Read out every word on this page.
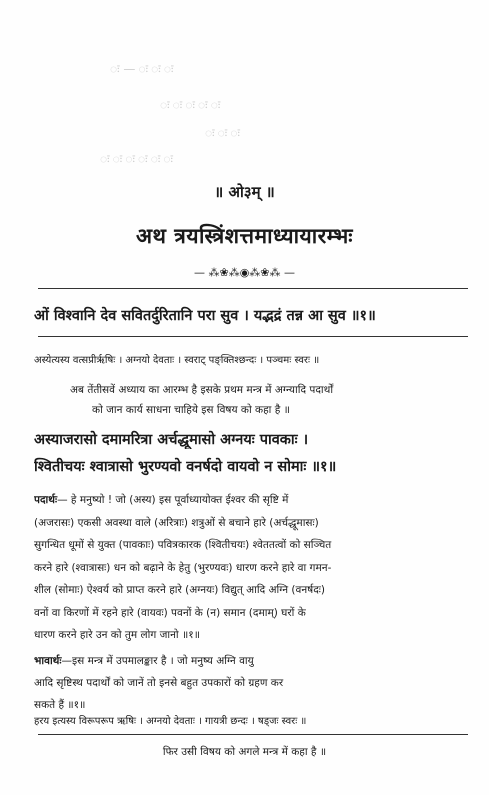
ः — ः ः ः
ः ः ः ः ः
ः ः ः
ः ः ः ः ः ः
॥ ओ३म् ॥
अथ त्रयस्त्रिंशत्तमाध्यायारम्भः
— ⁂❀⁂◉⁂❀⁂ —
ओं विश्वानि देव सवितर्दुरितानि परा सुव । यद्भद्रं तन्न आ सुव ॥१॥
अस्येत्यस्य वत्सप्रीर्ऋषिः । अग्नयो देवताः । स्वराट् पङ्क्तिश्छन्दः । पञ्चमः स्वरः ॥
अब तेंतीसवें अध्याय का आरम्भ है इसके प्रथम मन्त्र में अग्न्यादि पदार्थों
को जान कार्य साधना चाहिये इस विषय को कहा है ॥
अस्याजरासो दमामरित्रा अर्चद्धूमासो अग्नयः पावकाः ।
श्वितीचयः श्वात्रासो भुरण्यवो वनर्षदो वायवो न सोमाः ॥१॥
पदार्थः— हे मनुष्यो ! जो (अस्य) इस पूर्वाध्यायोक्त ईश्वर की सृष्टि में
(अजरासः) एकसी अवस्था वाले (अरित्राः) शत्रुओं से बचाने हारे (अर्चद्धूमासः)
सुगन्धित धूमों से युक्त (पावकाः) पवित्रकारक (श्वितीचयः) श्वेततत्वों को सञ्चित
करने हारे (श्वात्रासः) धन को बढ़ाने के हेतु (भुरण्यवः) धारण करने हारे वा गमन-
शील (सोमाः) ऐश्वर्य को प्राप्त करने हारे (अग्नयः) विद्युत् आदि अग्नि (वनर्षदः)
वनों वा किरणों में रहने हारे (वायवः) पवनों के (न) समान (दमाम्) घरों के
धारण करने हारे उन को तुम लोग जानो ॥१॥
भावार्थः—इस मन्त्र में उपमालङ्कार है । जो मनुष्य अग्नि वायु
आदि सृष्टिस्थ पदार्थों को जानें तो इनसे बहुत उपकारों को ग्रहण कर
सकते हैं ॥१॥
हरय इत्यस्य विरूपरूप ऋषिः । अग्नयो देवताः । गायत्री छन्दः । षड्जः स्वरः ॥
फिर उसी विषय को अगले मन्त्र में कहा है ॥
